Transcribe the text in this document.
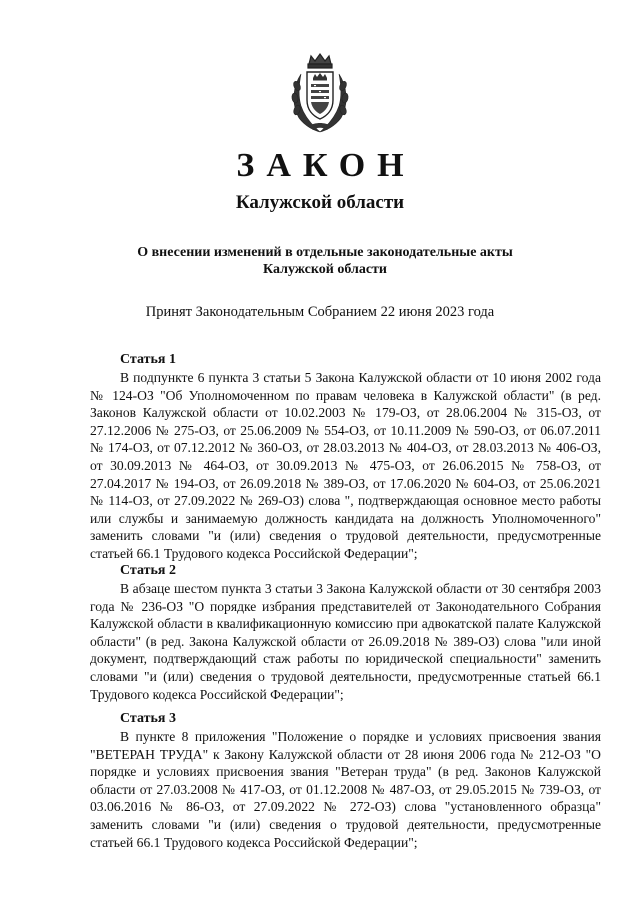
ЗАКОН
Калужской области
О внесении изменений в отдельные законодательные акты
Калужской области
Принят Законодательным Собранием 22 июня 2023 года
Статья 1

В подпункте 6 пункта 3 статьи 5 Закона Калужской области от 10 июня 2002 года № 124-ОЗ "Об Уполномоченном по правам человека в Калужской области" (в ред. Законов Калужской области от 10.02.2003 № 179-ОЗ, от 28.06.2004 № 315-ОЗ, от 27.12.2006 № 275-ОЗ, от 25.06.2009 № 554-ОЗ, от 10.11.2009 № 590-ОЗ, от 06.07.2011 № 174-ОЗ, от 07.12.2012 № 360-ОЗ, от 28.03.2013 № 404-ОЗ, от 28.03.2013 № 406-ОЗ, от 30.09.2013 № 464-ОЗ, от 30.09.2013 № 475-ОЗ, от 26.06.2015 № 758-ОЗ, от 27.04.2017 № 194-ОЗ, от 26.09.2018 № 389-ОЗ, от 17.06.2020 № 604-ОЗ, от 25.06.2021 № 114-ОЗ, от 27.09.2022 № 269-ОЗ) слова ", подтверждающая основное место работы или службы и занимаемую должность кандидата на должность Уполномоченного" заменить словами "и (или) сведения о трудовой деятельности, предусмотренные статьей 66.1 Трудового кодекса Российской Федерации";

Статья 2

В абзаце шестом пункта 3 статьи 3 Закона Калужской области от 30 сентября 2003 года № 236-ОЗ "О порядке избрания представителей от Законодательного Собрания Калужской области в квалификационную комиссию при адвокатской палате Калужской области" (в ред. Закона Калужской области от 26.09.2018 № 389-ОЗ) слова "или иной документ, подтверждающий стаж работы по юридической специальности" заменить словами "и (или) сведения о трудовой деятельности, предусмотренные статьей 66.1 Трудового кодекса Российской Федерации";

Статья 3

В пункте 8 приложения "Положение о порядке и условиях присвоения звания "ВЕТЕРАН ТРУДА" к Закону Калужской области от 28 июня 2006 года № 212-ОЗ "О порядке и условиях присвоения звания "Ветеран труда" (в ред. Законов Калужской области от 27.03.2008 № 417-ОЗ, от 01.12.2008 № 487-ОЗ, от 29.05.2015 № 739-ОЗ, от 03.06.2016 № 86-ОЗ, от 27.09.2022 № 272-ОЗ) слова "установленного образца" заменить словами "и (или) сведения о трудовой деятельности, предусмотренные статьей 66.1 Трудового кодекса Российской Федерации";
